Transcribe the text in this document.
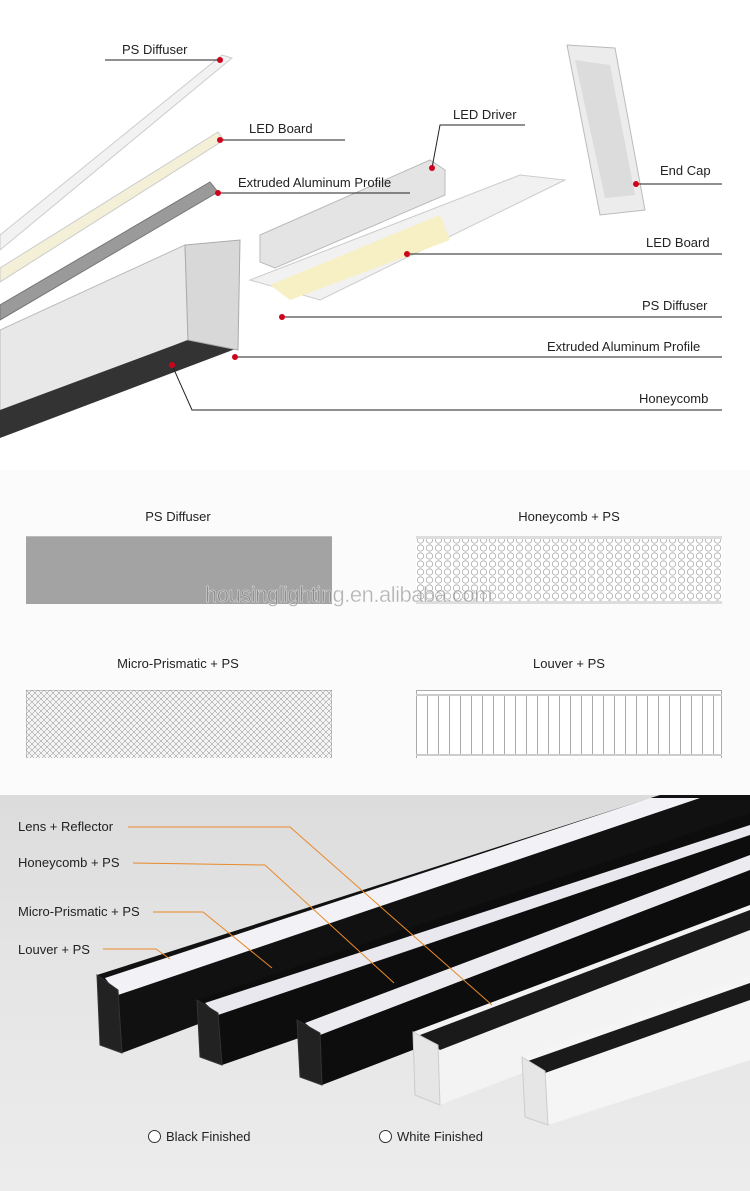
PS Diffuser
LED Board
Extruded Aluminum Profile
LED Driver
End Cap
LED Board
PS Diffuser
Extruded Aluminum Profile
Honeycomb
PS Diffuser	Honeycomb + PS
Micro-Prismatic + PS	Louver + PS
housinglighting.en.alibaba.com
Lens + Reflector
Honeycomb + PS
Micro-Prismatic + PS
Louver + PS
Black Finished	White Finished
